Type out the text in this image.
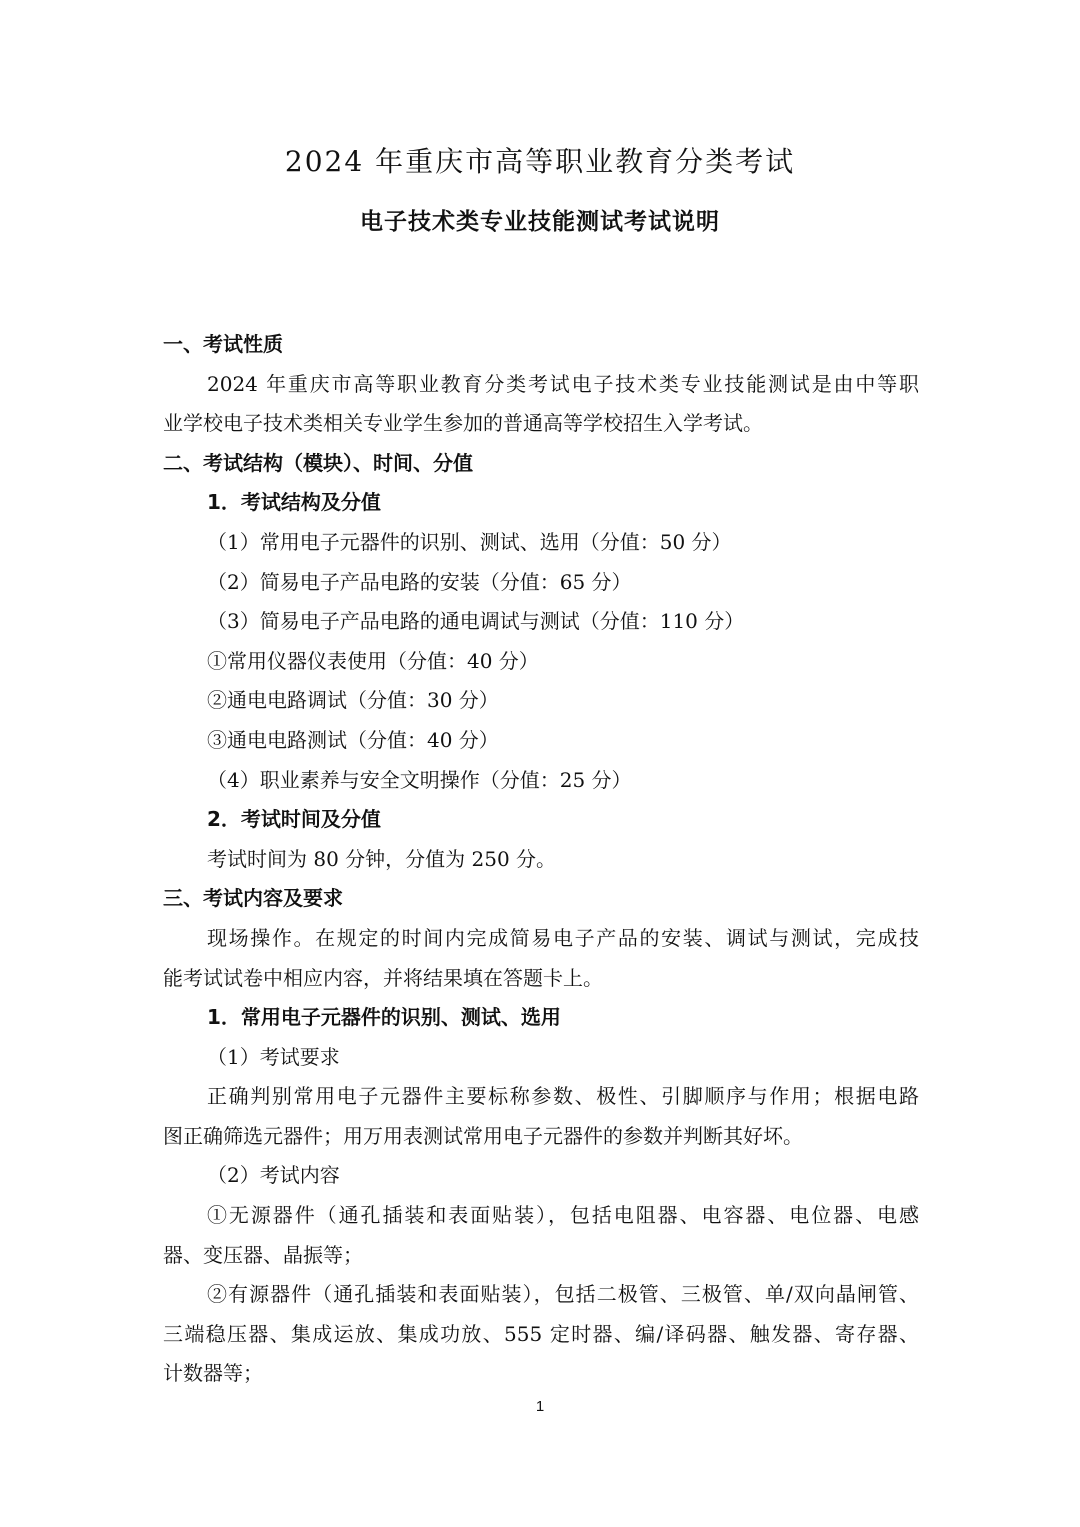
2024 年重庆市高等职业教育分类考试
电子技术类专业技能测试考试说明
一、考试性质
2024 年重庆市高等职业教育分类考试电子技术类专业技能测试是由中等职
业学校电子技术类相关专业学生参加的普通高等学校招生入学考试。
二、考试结构（模块）、时间、分值
1．考试结构及分值
（1）常用电子元器件的识别、测试、选用（分值：50 分）
（2）简易电子产品电路的安装（分值：65 分）
（3）简易电子产品电路的通电调试与测试（分值：110 分）
①常用仪器仪表使用（分值：40 分）
②通电电路调试（分值：30 分）
③通电电路测试（分值：40 分）
（4）职业素养与安全文明操作（分值：25 分）
2．考试时间及分值
考试时间为 80 分钟，分值为 250 分。
三、考试内容及要求
现场操作。在规定的时间内完成简易电子产品的安装、调试与测试，完成技
能考试试卷中相应内容，并将结果填在答题卡上。
1．常用电子元器件的识别、测试、选用
（1）考试要求
正确判别常用电子元器件主要标称参数、极性、引脚顺序与作用；根据电路
图正确筛选元器件；用万用表测试常用电子元器件的参数并判断其好坏。
（2）考试内容
①无源器件（通孔插装和表面贴装），包括电阻器、电容器、电位器、电感
器、变压器、晶振等；
②有源器件（通孔插装和表面贴装），包括二极管、三极管、单/双向晶闸管、
三端稳压器、集成运放、集成功放、555 定时器、编/译码器、触发器、寄存器、
计数器等；
1
